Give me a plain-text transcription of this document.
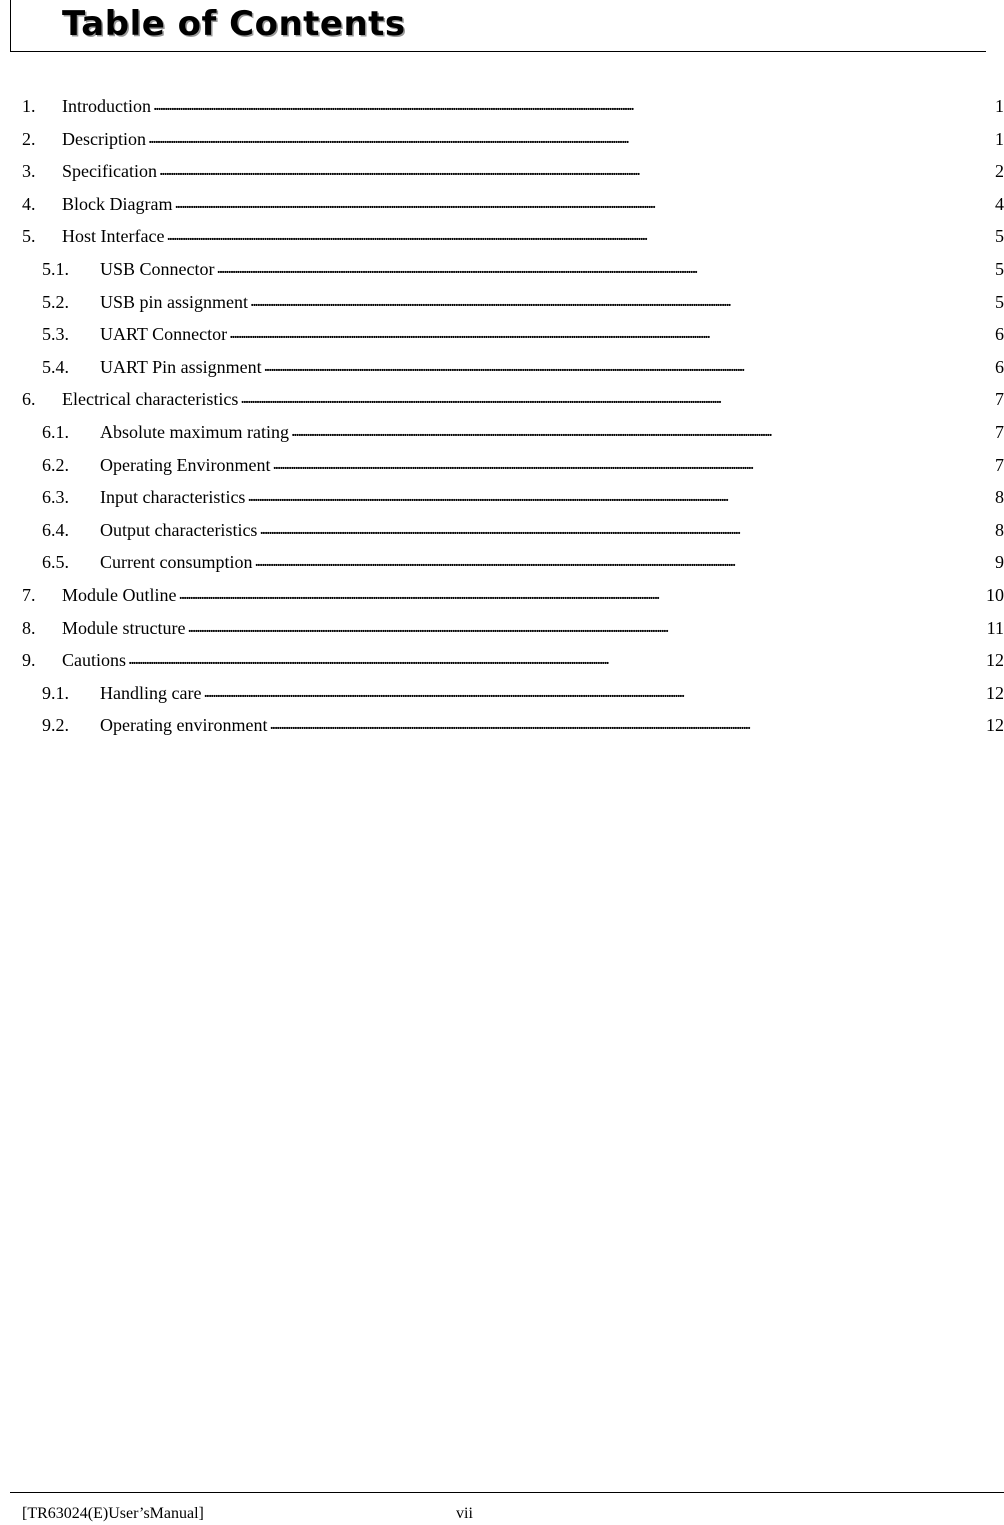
Table of Contents
1.	Introduction . . .	1
2.	Description . . .	1
3.	Specification . . .	2
4.	Block Diagram . . .	4
5.	Host Interface . . .	5
5.1.	USB Connector . . .	5
5.2.	USB pin assignment . . .	5
5.3.	UART Connector . . .	6
5.4.	UART Pin assignment . . .	6
6.	Electrical characteristics . . .	7
6.1.	Absolute maximum rating . . .	7
6.2.	Operating Environment . . .	7
6.3.	Input characteristics . . .	8
6.4.	Output characteristics . . .	8
6.5.	Current consumption . . .	9
7.	Module Outline . . .	10
8.	Module structure . . .	11
9.	Cautions . . .	12
9.1.	Handling care . . .	12
9.2.	Operating environment . . .	12
[TR63024(E)User’sManual]	vii
